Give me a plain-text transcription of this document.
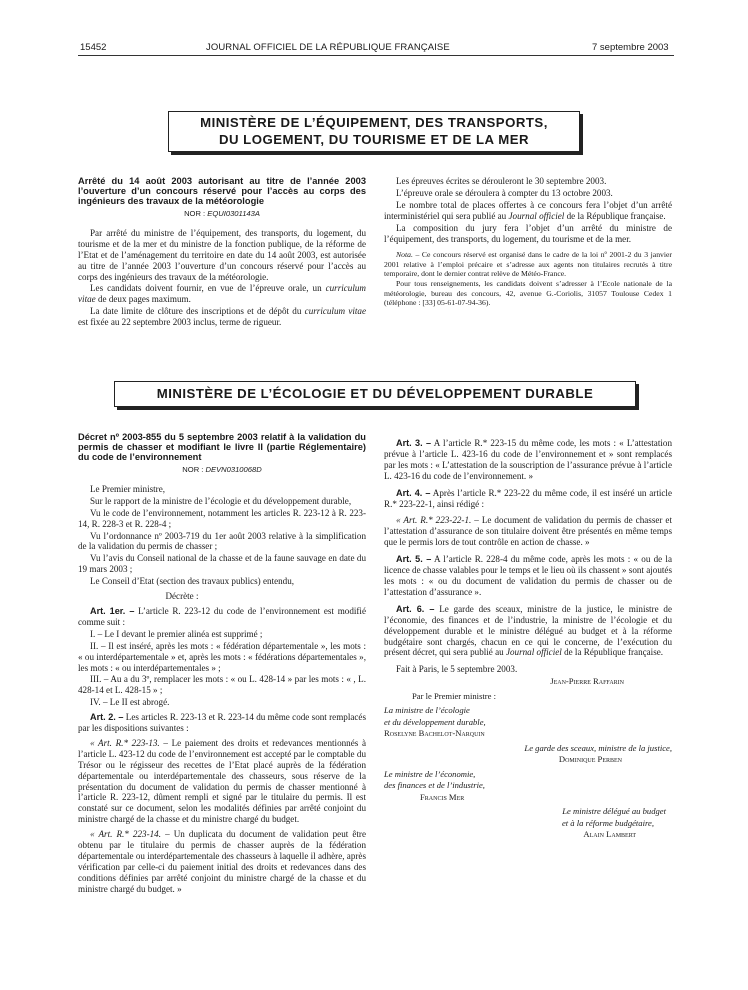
15452	JOURNAL OFFICIEL DE LA RÉPUBLIQUE FRANÇAISE	7 septembre 2003
MINISTÈRE DE L’ÉQUIPEMENT, DES TRANSPORTS,
DU LOGEMENT, DU TOURISME ET DE LA MER
Arrêté du 14 août 2003 autorisant au titre de l’année 2003 l’ouverture d’un concours réservé pour l’accès au corps des ingénieurs des travaux de la météorologie
NOR : EQUI0301143A

Par arrêté du ministre de l’équipement, des transports, du logement, du tourisme et de la mer et du ministre de la fonction publique, de la réforme de l’Etat et de l’aménagement du territoire en date du 14 août 2003, est autorisée au titre de l’année 2003 l’ouverture d’un concours réservé pour l’accès au corps des ingénieurs des travaux de la météorologie.

Les candidats doivent fournir, en vue de l’épreuve orale, un curriculum vitae de deux pages maximum.

La date limite de clôture des inscriptions et de dépôt du curriculum vitae est fixée au 22 septembre 2003 inclus, terme de rigueur.

Les épreuves écrites se dérouleront le 30 septembre 2003.

L’épreuve orale se déroulera à compter du 13 octobre 2003.

Le nombre total de places offertes à ce concours fera l’objet d’un arrêté interministériel qui sera publié au Journal officiel de la République française.

La composition du jury fera l’objet d’un arrêté du ministre de l’équipement, des transports, du logement, du tourisme et de la mer.

Nota. – Ce concours réservé est organisé dans le cadre de la loi nº 2001-2 du 3 janvier 2001 relative à l’emploi précaire et s’adresse aux agents non titulaires recrutés à titre temporaire, dont le dernier contrat relève de Météo-France.

Pour tous renseignements, les candidats doivent s’adresser à l’Ecole nationale de la météorologie, bureau des concours, 42, avenue G.-Coriolis, 31057 Toulouse Cedex 1 (téléphone : [33] 05-61-07-94-36).

MINISTÈRE DE L’ÉCOLOGIE ET DU DÉVELOPPEMENT DURABLE
Décret nº 2003-855 du 5 septembre 2003 relatif à la validation du permis de chasser et modifiant le livre II (partie Réglementaire) du code de l’environnement
NOR : DEVN0310068D

Le Premier ministre,

Sur le rapport de la ministre de l’écologie et du développement durable,

Vu le code de l’environnement, notamment les articles R. 223-12 à R. 223-14, R. 228-3 et R. 228-4 ;

Vu l’ordonnance nº 2003-719 du 1er août 2003 relative à la simplification de la validation du permis de chasser ;

Vu l’avis du Conseil national de la chasse et de la faune sauvage en date du 19 mars 2003 ;

Le Conseil d’Etat (section des travaux publics) entendu,

Décrète :

Art. 1er. – L’article R. 223-12 du code de l’environnement est modifié comme suit :

I. – Le I devant le premier alinéa est supprimé ;

II. – Il est inséré, après les mots : « fédération départementale », les mots : « ou interdépartementale » et, après les mots : « fédérations départementales », les mots : « ou interdépartementales » ;

III. – Au a du 3º, remplacer les mots : « ou L. 428-14 » par les mots : « , L. 428-14 et L. 428-15 » ;

IV. – Le II est abrogé.

Art. 2. – Les articles R. 223-13 et R. 223-14 du même code sont remplacés par les dispositions suivantes :

« Art. R.* 223-13. – Le paiement des droits et redevances mentionnés à l’article L. 423-12 du code de l’environnement est accepté par le comptable du Trésor ou le régisseur des recettes de l’Etat placé auprès de la fédération départementale ou interdépartementale des chasseurs, sous réserve de la présentation du document de validation du permis de chasser mentionné à l’article R. 223-12, dûment rempli et signé par le titulaire du permis. Il est constaté sur ce document, selon les modalités définies par arrêté conjoint du ministre chargé de la chasse et du ministre chargé du budget.

« Art. R.* 223-14. – Un duplicata du document de validation peut être obtenu par le titulaire du permis de chasser auprès de la fédération départementale ou interdépartementale des chasseurs à laquelle il adhère, après vérification par celle-ci du paiement initial des droits et redevances dans des conditions définies par arrêté conjoint du ministre chargé de la chasse et du ministre chargé du budget. »

Art. 3. – A l’article R.* 223-15 du même code, les mots : « L’attestation prévue à l’article L. 423-16 du code de l’environnement et » sont remplacés par les mots : « L’attestation de la souscription de l’assurance prévue à l’article L. 423-16 du code de l’environnement. »

Art. 4. – Après l’article R.* 223-22 du même code, il est inséré un article R.* 223-22-1, ainsi rédigé :

« Art. R.* 223-22-1. – Le document de validation du permis de chasser et l’attestation d’assurance de son titulaire doivent être présentés en même temps que le permis lors de tout contrôle en action de chasse. »

Art. 5. – A l’article R. 228-4 du même code, après les mots : « ou de la licence de chasse valables pour le temps et le lieu où ils chassent » sont ajoutés les mots : « ou du document de validation du permis de chasser ou de l’attestation d’assurance ».

Art. 6. – Le garde des sceaux, ministre de la justice, le ministre de l’économie, des finances et de l’industrie, la ministre de l’écologie et du développement durable et le ministre délégué au budget et à la réforme budgétaire sont chargés, chacun en ce qui le concerne, de l’exécution du présent décret, qui sera publié au Journal officiel de la République française.

Fait à Paris, le 5 septembre 2003.

Jean-Pierre Raffarin

Par le Premier ministre :

La ministre de l’écologie

et du développement durable,

Roselyne Bachelot-Narquin

Le garde des sceaux, ministre de la justice,

Dominique Perben

Le ministre de l’économie,

des finances et de l’industrie,

Francis Mer

Le ministre délégué au budget

et à la réforme budgétaire,

Alain Lambert
